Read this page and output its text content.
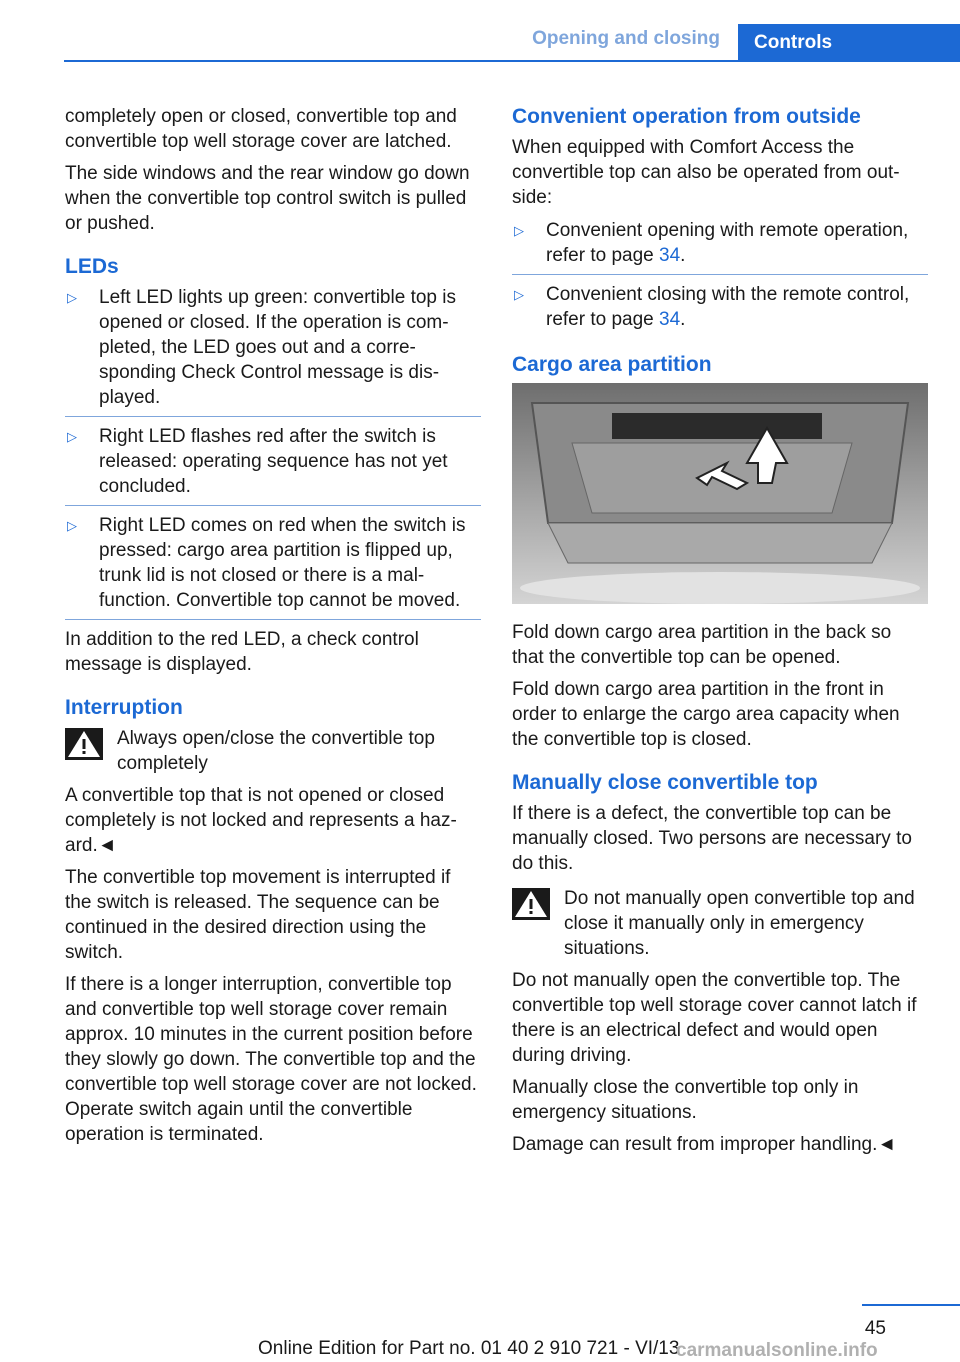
Opening and closing	Controls

completely open or closed, convertible top and convertible top well storage cover are latched.

The side windows and the rear window go down when the convertible top control switch is pulled or pushed.

LEDs
▷ Left LED lights up green: convertible top is opened or closed. If the operation is completed, the LED goes out and a corresponding Check Control message is displayed.
▷ Right LED flashes red after the switch is released: operating sequence has not yet concluded.
▷ Right LED comes on red when the switch is pressed: cargo area partition is flipped up, trunk lid is not closed or there is a malfunction. Convertible top cannot be moved.

In addition to the red LED, a check control message is displayed.

Interruption
Always open/close the convertible top completely

A convertible top that is not opened or closed completely is not locked and represents a hazard.◄

The convertible top movement is interrupted if the switch is released. The sequence can be continued in the desired direction using the switch.

If there is a longer interruption, convertible top and convertible top well storage cover remain approx. 10 minutes in the current position before they slowly go down. The convertible top and the convertible top well storage cover are not locked. Operate switch again until the convertible operation is terminated.

Convenient operation from outside

When equipped with Comfort Access the convertible top can also be operated from outside:

▷ Convenient opening with remote operation, refer to page 34.
▷ Convenient closing with the remote control, refer to page 34.
Cargo area partition

Fold down cargo area partition in the back so that the convertible top can be opened.

Fold down cargo area partition in the front in order to enlarge the cargo area capacity when the convertible top is closed.

Manually close convertible top

If there is a defect, the convertible top can be manually closed. Two persons are necessary to do this.

Do not manually open convertible top and close it manually only in emergency situations.

Do not manually open the convertible top. The convertible top well storage cover cannot latch if there is an electrical defect and would open during driving.

Manually close the convertible top only in emergency situations.

Damage can result from improper handling.◄

45
Online Edition for Part no. 01 40 2 910 721 - VI/13
carmanualsonline.info
